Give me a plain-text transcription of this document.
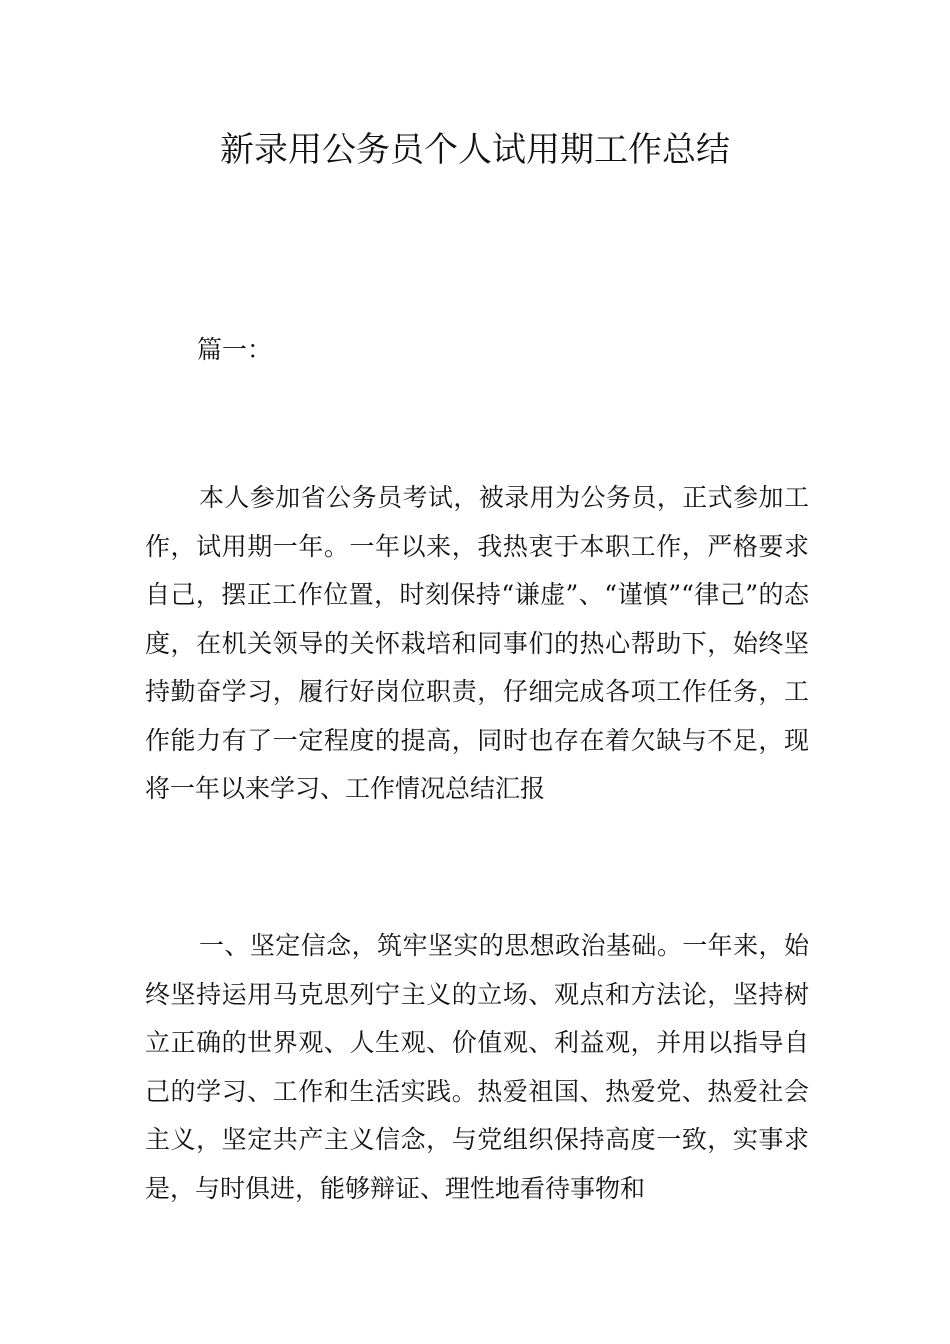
新录用公务员个人试用期工作总结

篇一：

本人参加省公务员考试，被录用为公务员，正式参加工作，试用期一年。一年以来，我热衷于本职工作，严格要求自己，摆正工作位置，时刻保持“谦虚”、“谨慎”“律己”的态度，在机关领导的关怀栽培和同事们的热心帮助下，始终坚持勤奋学习，履行好岗位职责，仔细完成各项工作任务，工作能力有了一定程度的提高，同时也存在着欠缺与不足，现将一年以来学习、工作情况总结汇报

一、坚定信念，筑牢坚实的思想政治基础。一年来，始终坚持运用马克思列宁主义的立场、观点和方法论，坚持树立正确的世界观、人生观、价值观、利益观，并用以指导自己的学习、工作和生活实践。热爱祖国、热爱党、热爱社会主义，坚定共产主义信念，与党组织保持高度一致，实事求是，与时俱进，能够辩证、理性地看待事物和
